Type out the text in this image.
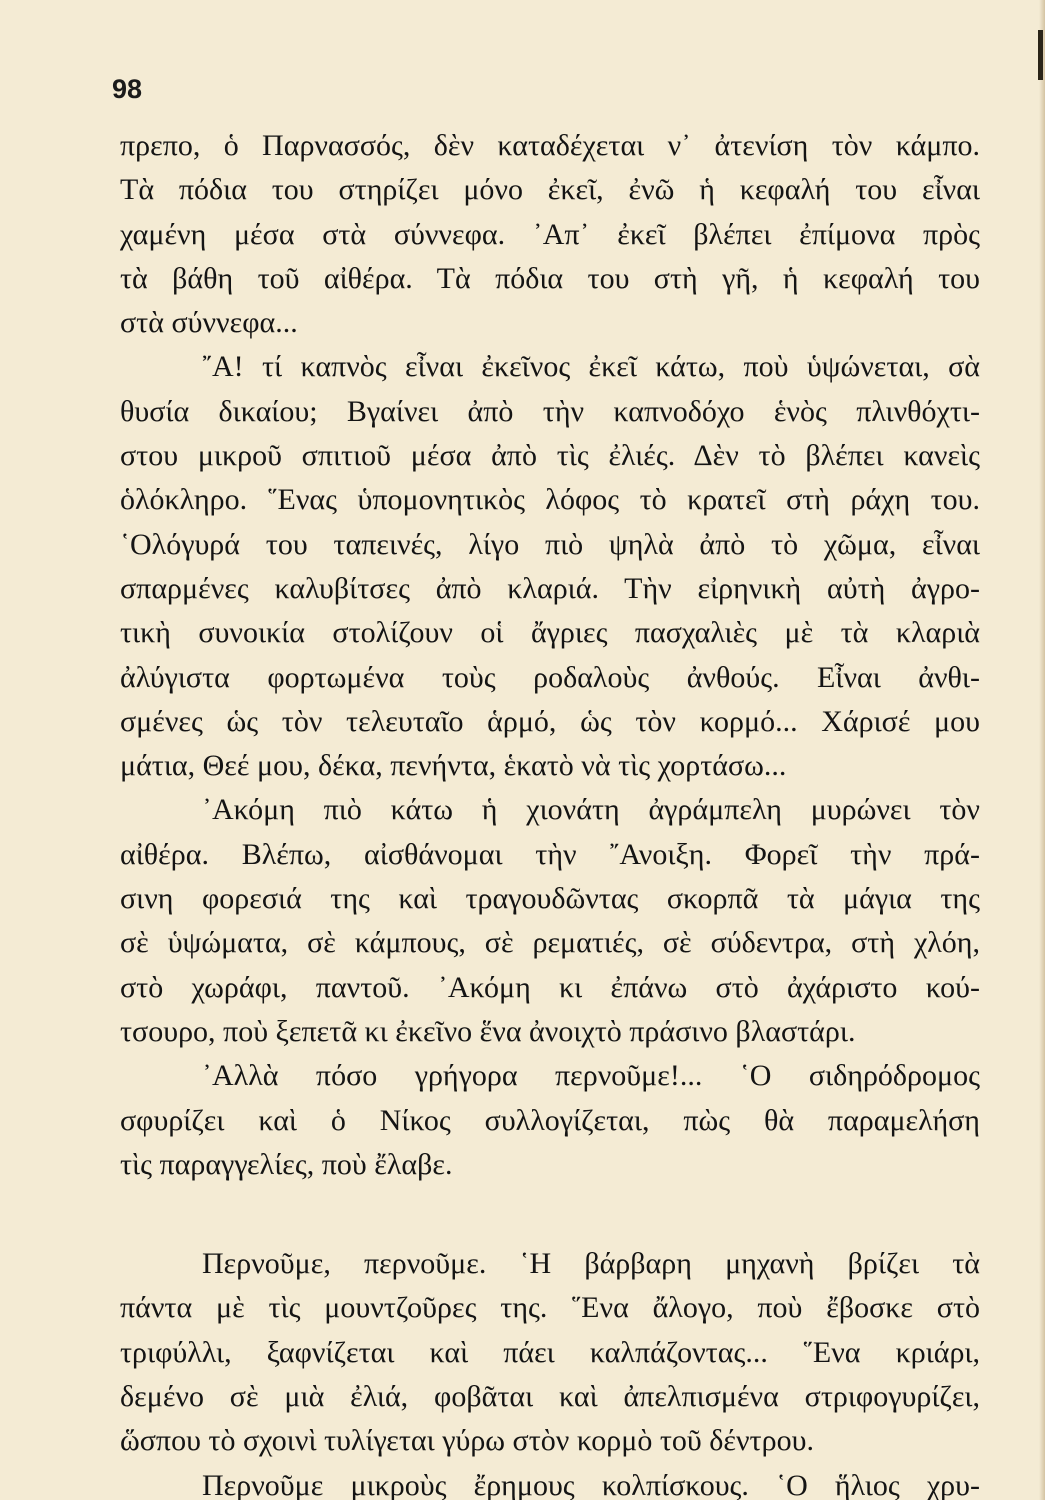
98

πρεπο, ὁ Παρνασσός, δὲν καταδέχεται ν᾿ ἀτενίση τὸν κάμπο.
Τὰ πόδια του στηρίζει μόνο ἐκεῖ, ἐνῶ ἡ κεφαλή του εἶναι
χαμένη μέσα στὰ σύννεφα. ᾿Απ᾿ ἐκεῖ βλέπει ἐπίμονα πρὸς
τὰ βάθη τοῦ αἰθέρα. Τὰ πόδια του στὴ γῆ, ἡ κεφαλή του
στὰ σύννεφα...
῎Α! τί καπνὸς εἶναι ἐκεῖνος ἐκεῖ κάτω, ποὺ ὑψώνεται, σὰ
θυσία δικαίου; Βγαίνει ἀπὸ τὴν καπνοδόχο ἑνὸς πλινθόχτι-
στου μικροῦ σπιτιοῦ μέσα ἀπὸ τὶς ἐλιές. Δὲν τὸ βλέπει κανεὶς
ὁλόκληρο. ῞Ενας ὑπομονητικὸς λόφος τὸ κρατεῖ στὴ ράχη του.
῾Ολόγυρά του ταπεινές, λίγο πιὸ ψηλὰ ἀπὸ τὸ χῶμα, εἶναι
σπαρμένες καλυβίτσες ἀπὸ κλαριά. Τὴν εἰρηνικὴ αὐτὴ ἀγρο-
τικὴ συνοικία στολίζουν οἱ ἄγριες πασχαλιὲς μὲ τὰ κλαριὰ
ἀλύγιστα φορτωμένα τοὺς ροδαλοὺς ἀνθούς. Εἶναι ἀνθι-
σμένες ὡς τὸν τελευταῖο ἁρμό, ὡς τὸν κορμό... Χάρισέ μου
μάτια, Θεέ μου, δέκα, πενήντα, ἑκατὸ νὰ τὶς χορτάσω...
᾿Ακόμη πιὸ κάτω ἡ χιονάτη ἀγράμπελη μυρώνει τὸν
αἰθέρα. Βλέπω, αἰσθάνομαι τὴν ῎Ανοιξη. Φορεῖ τὴν πρά-
σινη φορεσιά της καὶ τραγουδῶντας σκορπᾶ τὰ μάγια της
σὲ ὑψώματα, σὲ κάμπους, σὲ ρεματιές, σὲ σύδεντρα, στὴ χλόη,
στὸ χωράφι, παντοῦ. ᾿Ακόμη κι ἐπάνω στὸ ἀχάριστο κού-
τσουρο, ποὺ ξεπετᾶ κι ἐκεῖνο ἕνα ἀνοιχτὸ πράσινο βλαστάρι.
᾿Αλλὰ πόσο γρήγορα περνοῦμε!... ῾Ο σιδηρόδρομος
σφυρίζει καὶ ὁ Νίκος συλλογίζεται, πὼς θὰ παραμελήση
τὶς παραγγελίες, ποὺ ἔλαβε.
Περνοῦμε, περνοῦμε. ῾Η βάρβαρη μηχανὴ βρίζει τὰ
πάντα μὲ τὶς μουντζοῦρες της. ῞Ενα ἄλογο, ποὺ ἔβοσκε στὸ
τριφύλλι, ξαφνίζεται καὶ πάει καλπάζοντας... ῞Ενα κριάρι,
δεμένο σὲ μιὰ ἐλιά, φοβᾶται καὶ ἀπελπισμένα στριφογυρίζει,
ὥσπου τὸ σχοινὶ τυλίγεται γύρω στὸν κορμὸ τοῦ δέντρου.
Περνοῦμε μικροὺς ἔρημους κολπίσκους. ῾Ο ἥλιος χρυ-
